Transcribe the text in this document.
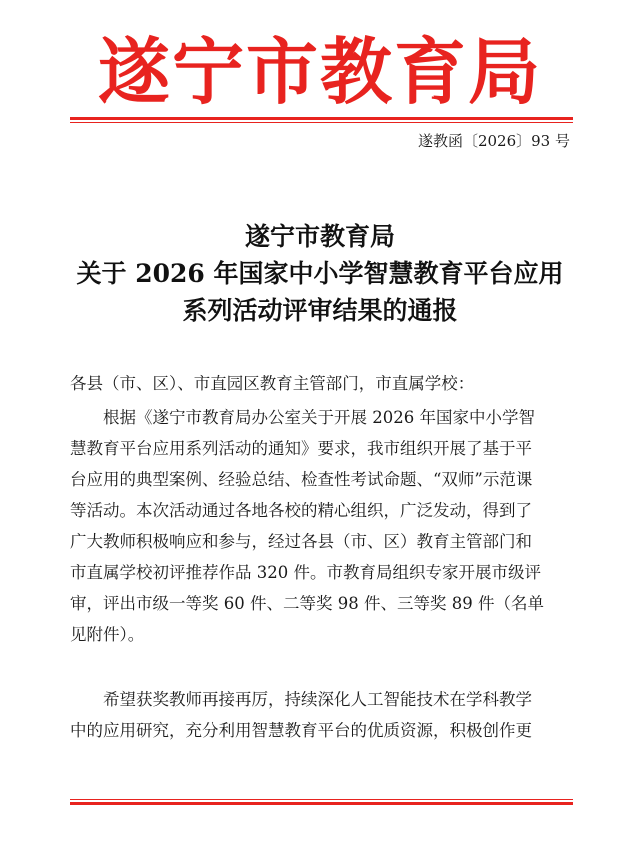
遂宁市教育局
遂教函〔2026〕93 号
遂宁市教育局
关于 2026 年国家中小学智慧教育平台应用
系列活动评审结果的通报
各县（市、区）、市直园区教育主管部门，市直属学校：
根据《遂宁市教育局办公室关于开展 2026 年国家中小学智
慧教育平台应用系列活动的通知》要求，我市组织开展了基于平
台应用的典型案例、经验总结、检查性考试命题、“双师”示范课
等活动。本次活动通过各地各校的精心组织，广泛发动，得到了
广大教师积极响应和参与，经过各县（市、区）教育主管部门和
市直属学校初评推荐作品 320 件。市教育局组织专家开展市级评
审，评出市级一等奖 60 件、二等奖 98 件、三等奖 89 件（名单
见附件）。
希望获奖教师再接再厉，持续深化人工智能技术在学科教学
中的应用研究，充分利用智慧教育平台的优质资源，积极创作更
